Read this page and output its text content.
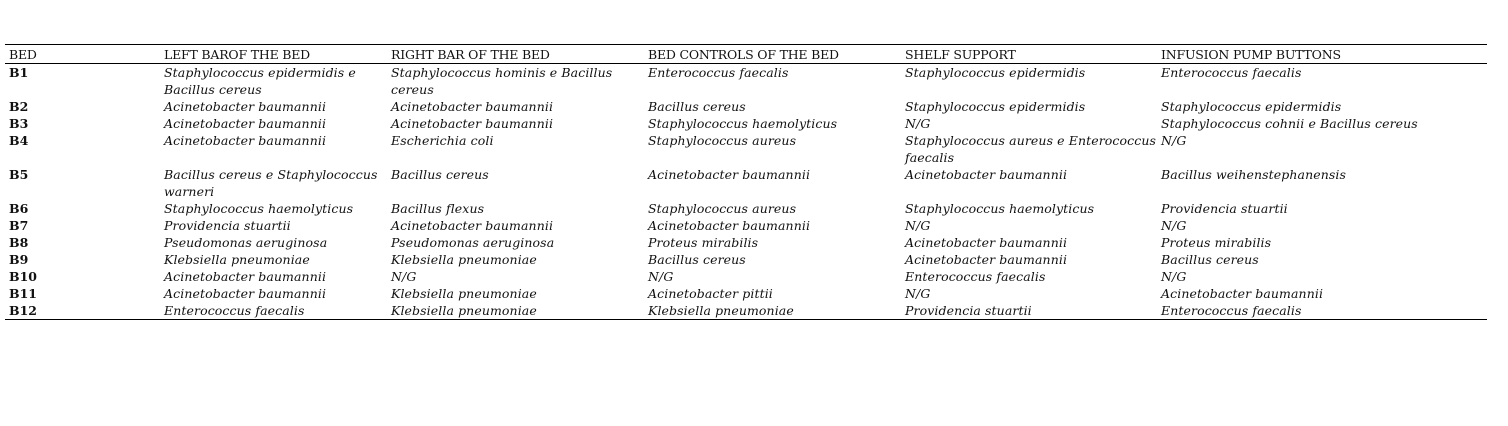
BED	LEFT BAROF THE BED	RIGHT BAR OF THE BED	BED CONTROLS OF THE BED	SHELF SUPPORT	INFUSION PUMP BUTTONS
B1	Staphylococcus epidermidis e Bacillus cereus	Staphylococcus hominis e Bacillus cereus	Enterococcus faecalis	Staphylococcus epidermidis	Enterococcus faecalis
B2	Acinetobacter baumannii	Acinetobacter baumannii	Bacillus cereus	Staphylococcus epidermidis	Staphylococcus epidermidis
B3	Acinetobacter baumannii	Acinetobacter baumannii	Staphylococcus haemolyticus	N/G	Staphylococcus cohnii e Bacillus cereus
B4	Acinetobacter baumannii	Escherichia coli	Staphylococcus aureus	Staphylococcus aureus e Enterococcus faecalis	N/G
B5	Bacillus cereus e Staphylococcus warneri	Bacillus cereus	Acinetobacter baumannii	Acinetobacter baumannii	Bacillus weihenstephanensis
B6	Staphylococcus haemolyticus	Bacillus flexus	Staphylococcus aureus	Staphylococcus haemolyticus	Providencia stuartii
B7	Providencia stuartii	Acinetobacter baumannii	Acinetobacter baumannii	N/G	N/G
B8	Pseudomonas aeruginosa	Pseudomonas aeruginosa	Proteus mirabilis	Acinetobacter baumannii	Proteus mirabilis
B9	Klebsiella pneumoniae	Klebsiella pneumoniae	Bacillus cereus	Acinetobacter baumannii	Bacillus cereus
B10	Acinetobacter baumannii	N/G	N/G	Enterococcus faecalis	N/G
B11	Acinetobacter baumannii	Klebsiella pneumoniae	Acinetobacter pittii	N/G	Acinetobacter baumannii
B12	Enterococcus faecalis	Klebsiella pneumoniae	Klebsiella pneumoniae	Providencia stuartii	Enterococcus faecalis
